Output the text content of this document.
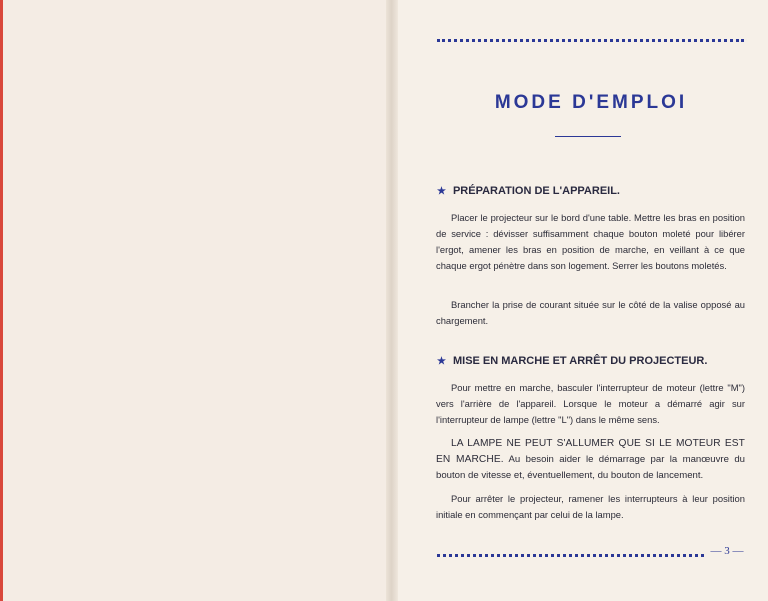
MODE D'EMPLOI
★ PRÉPARATION DE L'APPAREIL.

Placer le projecteur sur le bord d'une table. Mettre les bras en position de service : dévisser suffisamment chaque bouton moleté pour libérer l'ergot, amener les bras en position de marche, en veillant à ce que chaque ergot pénètre dans son logement. Serrer les boutons moletés.

Brancher la prise de courant située sur le côté de la valise opposé au chargement.

★ MISE EN MARCHE ET ARRÊT DU PROJECTEUR.

Pour mettre en marche, basculer l'interrupteur de moteur (lettre "M") vers l'arrière de l'appareil. Lorsque le moteur a démarré agir sur l'interrupteur de lampe (lettre "L") dans le même sens.

LA LAMPE NE PEUT S'ALLUMER QUE SI LE MOTEUR EST EN MARCHE. Au besoin aider le démarrage par la manœuvre du bouton de vitesse et, éventuellement, du bouton de lancement.

Pour arrêter le projecteur, ramener les interrupteurs à leur position initiale en commençant par celui de la lampe.

— 3 —
